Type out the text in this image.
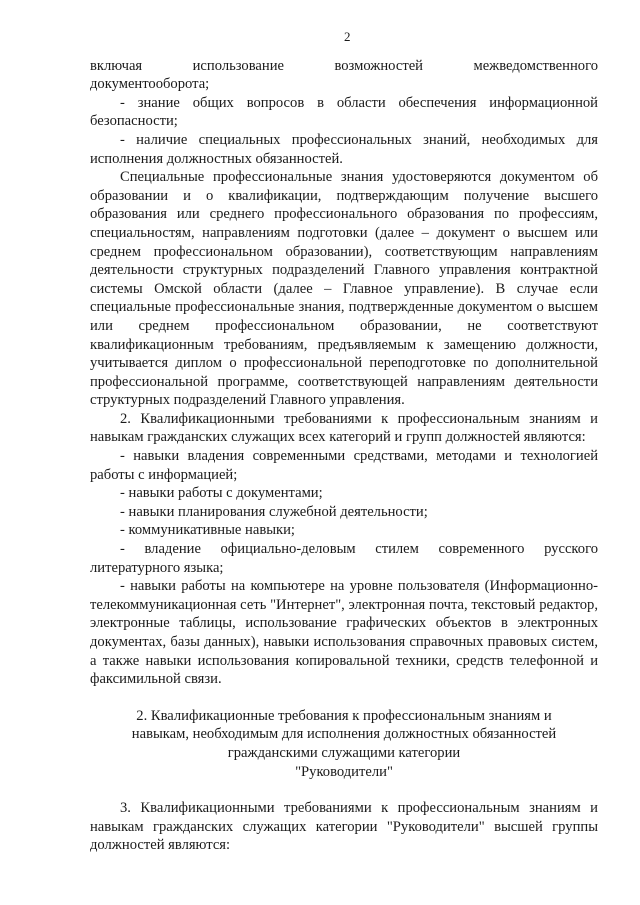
2

включая использование возможностей межведомственного

документооборота;

- знание общих вопросов в области обеспечения информационной безопасности;

- наличие специальных профессиональных знаний, необходимых для исполнения должностных обязанностей.

Специальные профессиональные знания удостоверяются документом об образовании и о квалификации, подтверждающим получение высшего образования или среднего профессионального образования по профессиям, специальностям, направлениям подготовки (далее – документ о высшем или среднем профессиональном образовании), соответствующим направлениям деятельности структурных подразделений Главного управления контрактной системы Омской области (далее – Главное управление). В случае если специальные профессиональные знания, подтвержденные документом о высшем или среднем профессиональном образовании, не соответствуют квалификационным требованиям, предъявляемым к замещению должности, учитывается диплом о профессиональной переподготовке по дополнительной профессиональной программе, соответствующей направлениям деятельности структурных подразделений Главного управления.

2. Квалификационными требованиями к профессиональным знаниям и навыкам гражданских служащих всех категорий и групп должностей являются:

- навыки владения современными средствами, методами и технологией работы с информацией;

- навыки работы с документами;

- навыки планирования служебной деятельности;

- коммуникативные навыки;

- владение официально-деловым стилем современного русского литературного языка;

- навыки работы на компьютере на уровне пользователя (Информационно-телекоммуникационная сеть "Интернет", электронная почта, текстовый редактор, электронные таблицы, использование графических объектов в электронных документах, базы данных), навыки использования справочных правовых систем, а также навыки использования копировальной техники, средств телефонной и факсимильной связи.

2. Квалификационные требования к профессиональным знаниям и
навыкам, необходимым для исполнения должностных обязанностей
гражданскими служащими категории
"Руководители"

3. Квалификационными требованиями к профессиональным знаниям и навыкам гражданских служащих категории "Руководители" высшей группы должностей являются:
